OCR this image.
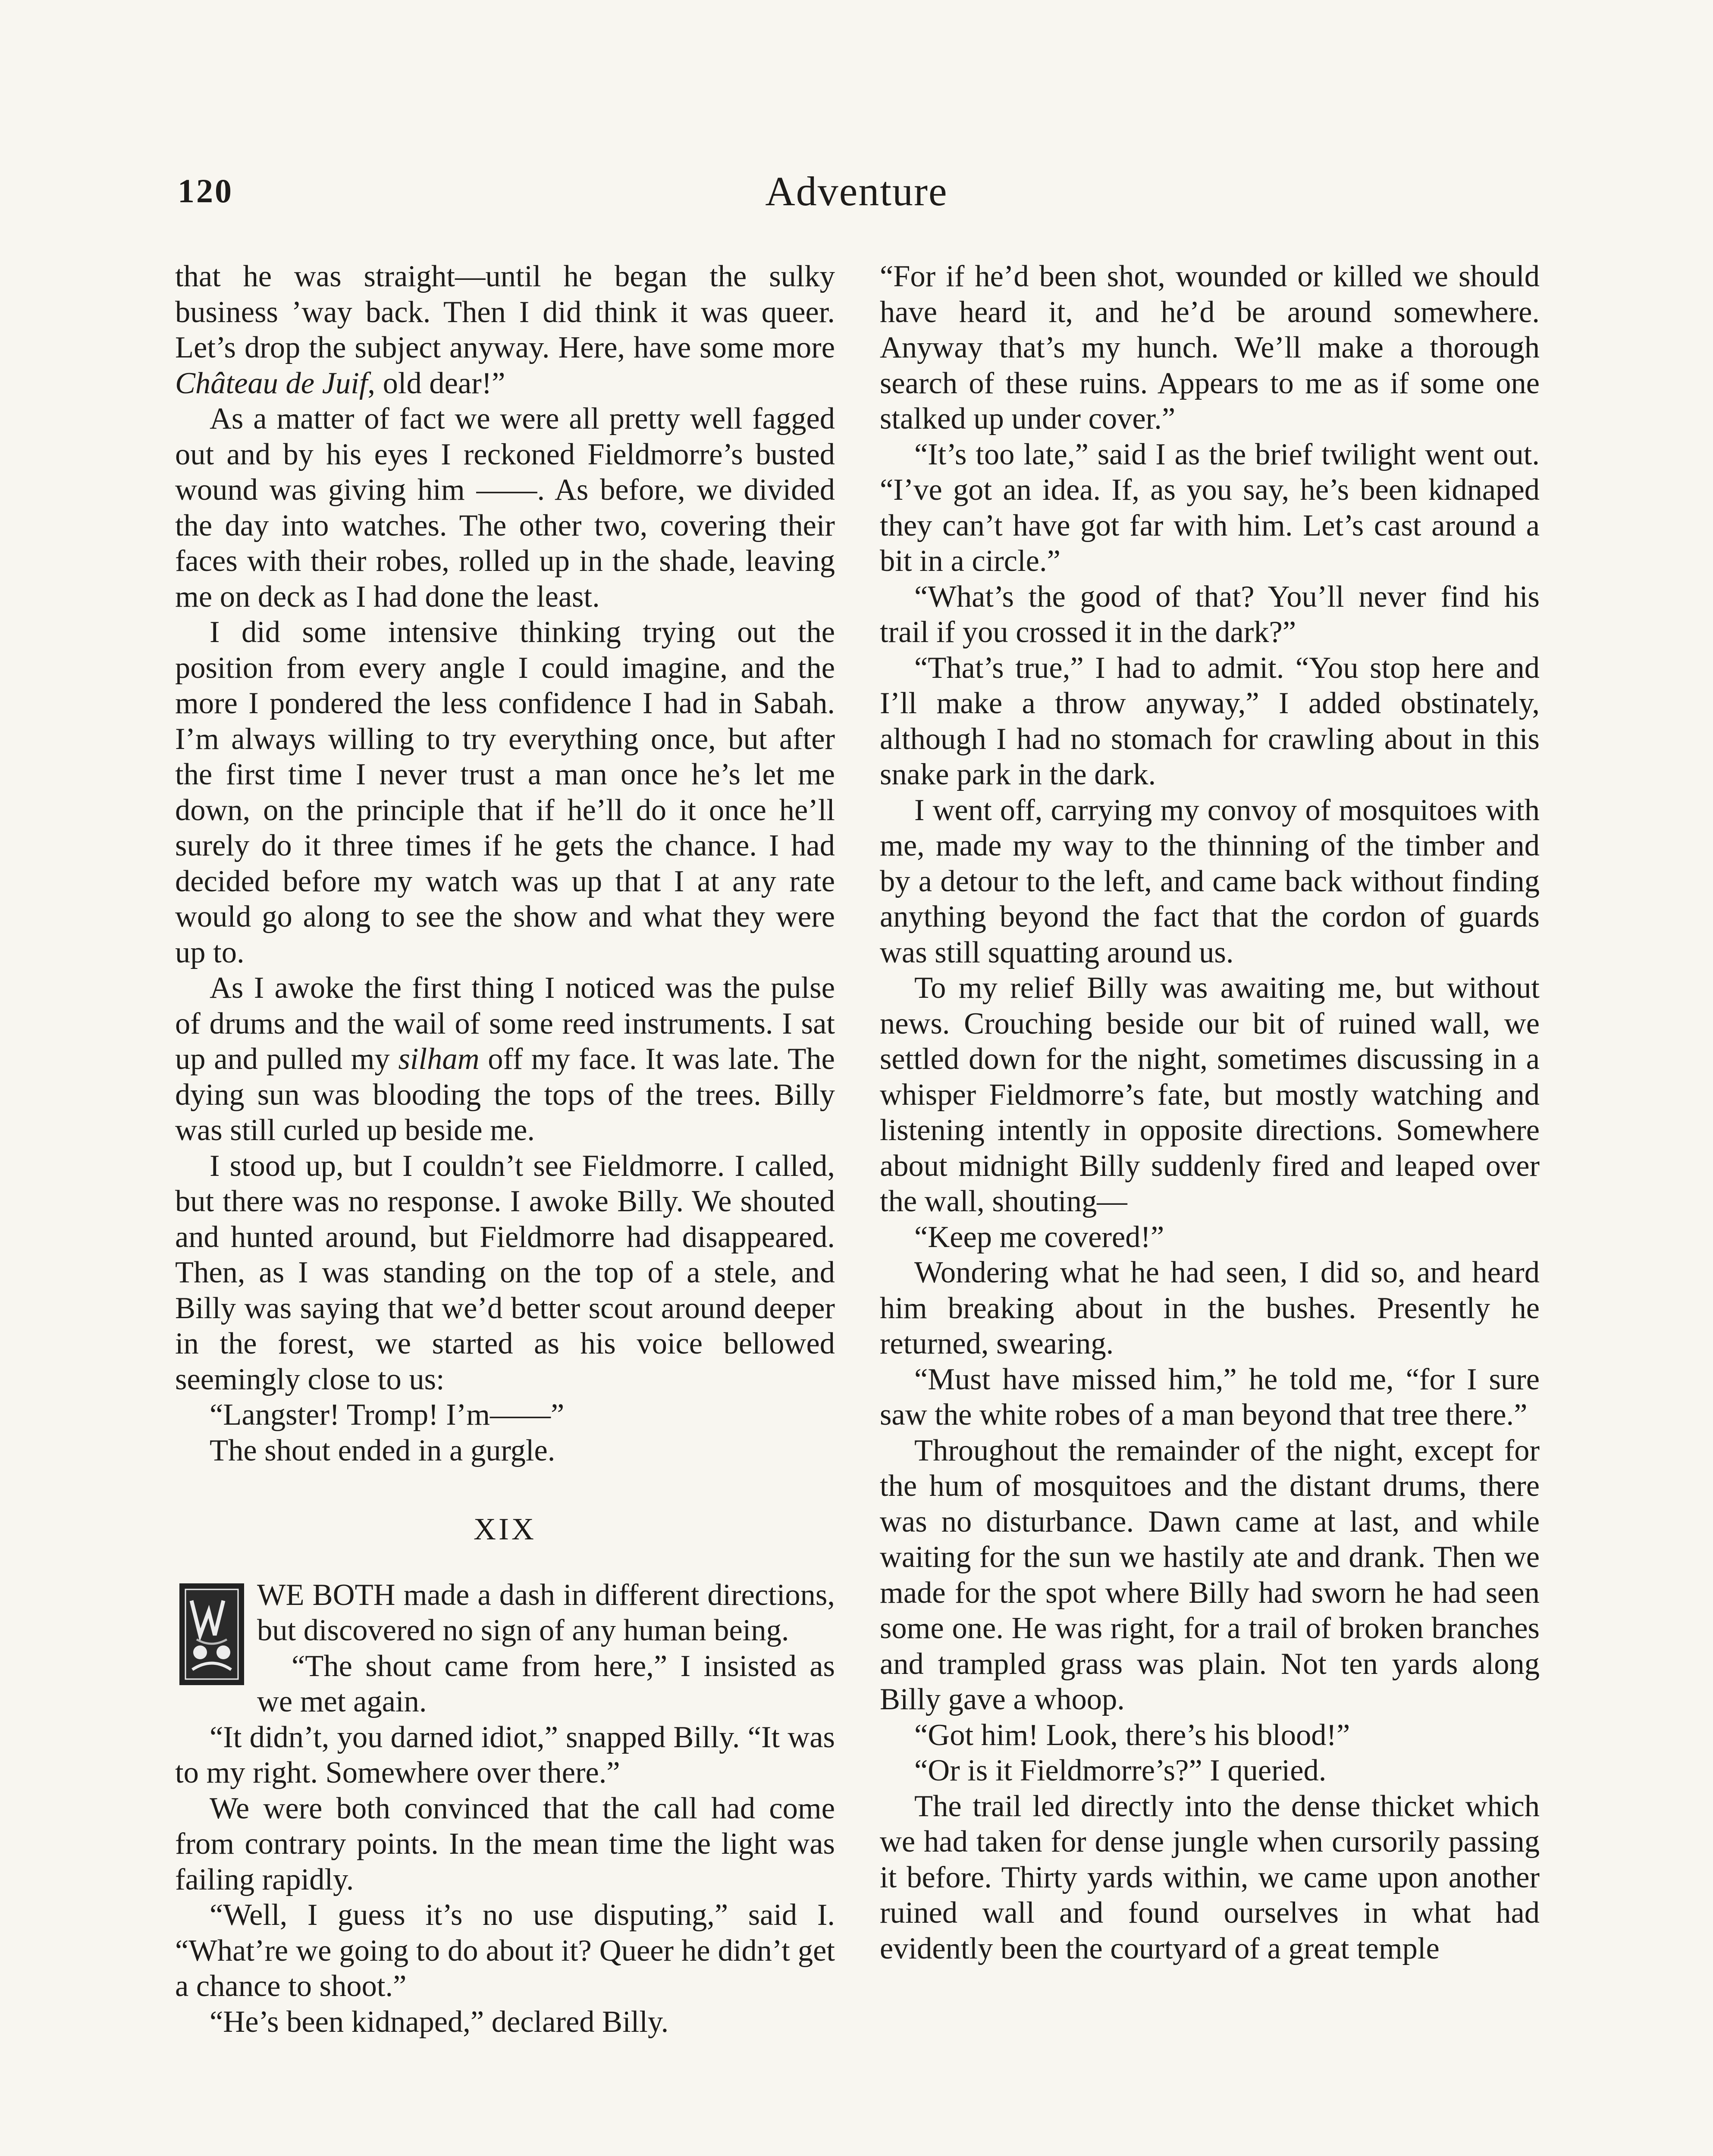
120	Adventure

that he was straight—until he began the sulky business ’way back. Then I did think it was queer. Let’s drop the subject anyway. Here, have some more Château de Juif, old dear!”

As a matter of fact we were all pretty well fagged out and by his eyes I reckoned Fieldmorre’s busted wound was giving him ——. As before, we divided the day into watches. The other two, covering their faces with their robes, rolled up in the shade, leaving me on deck as I had done the least.

I did some intensive thinking trying out the position from every angle I could imagine, and the more I pondered the less confidence I had in Sabah. I’m always willing to try everything once, but after the first time I never trust a man once he’s let me down, on the principle that if he’ll do it once he’ll surely do it three times if he gets the chance. I had decided before my watch was up that I at any rate would go along to see the show and what they were up to.

As I awoke the first thing I noticed was the pulse of drums and the wail of some reed instruments. I sat up and pulled my silham off my face. It was late. The dying sun was blooding the tops of the trees. Billy was still curled up beside me.

I stood up, but I couldn’t see Fieldmorre. I called, but there was no response. I awoke Billy. We shouted and hunted around, but Fieldmorre had disappeared. Then, as I was standing on the top of a stele, and Billy was saying that we’d better scout around deeper in the forest, we started as his voice bellowed seemingly close to us:

“Langster! Tromp! I’m——”

The shout ended in a gurgle.

XIX

WE BOTH made a dash in different directions, but discovered no sign of any human being.

“The shout came from here,” I insisted as we met again.

“It didn’t, you darned idiot,” snapped Billy. “It was to my right. Somewhere over there.”

We were both convinced that the call had come from contrary points. In the mean time the light was failing rapidly.

“Well, I guess it’s no use disputing,” said I. “What’re we going to do about it? Queer he didn’t get a chance to shoot.”

“He’s been kidnaped,” declared Billy.

“For if he’d been shot, wounded or killed we should have heard it, and he’d be around somewhere. Anyway that’s my hunch. We’ll make a thorough search of these ruins. Appears to me as if some one stalked up under cover.”

“It’s too late,” said I as the brief twilight went out. “I’ve got an idea. If, as you say, he’s been kidnaped they can’t have got far with him. Let’s cast around a bit in a circle.”

“What’s the good of that? You’ll never find his trail if you crossed it in the dark?”

“That’s true,” I had to admit. “You stop here and I’ll make a throw anyway,” I added obstinately, although I had no stomach for crawling about in this snake park in the dark.

I went off, carrying my convoy of mosquitoes with me, made my way to the thinning of the timber and by a detour to the left, and came back without finding anything beyond the fact that the cordon of guards was still squatting around us.

To my relief Billy was awaiting me, but without news. Crouching beside our bit of ruined wall, we settled down for the night, sometimes discussing in a whisper Fieldmorre’s fate, but mostly watching and listening intently in opposite directions. Somewhere about midnight Billy suddenly fired and leaped over the wall, shouting—

“Keep me covered!”

Wondering what he had seen, I did so, and heard him breaking about in the bushes. Presently he returned, swearing.

“Must have missed him,” he told me, “for I sure saw the white robes of a man beyond that tree there.”

Throughout the remainder of the night, except for the hum of mosquitoes and the distant drums, there was no disturbance. Dawn came at last, and while waiting for the sun we hastily ate and drank. Then we made for the spot where Billy had sworn he had seen some one. He was right, for a trail of broken branches and trampled grass was plain. Not ten yards along Billy gave a whoop.

“Got him! Look, there’s his blood!”

“Or is it Fieldmorre’s?” I queried.

The trail led directly into the dense thicket which we had taken for dense jungle when cursorily passing it before. Thirty yards within, we came upon another ruined wall and found ourselves in what had evidently been the courtyard of a great temple
